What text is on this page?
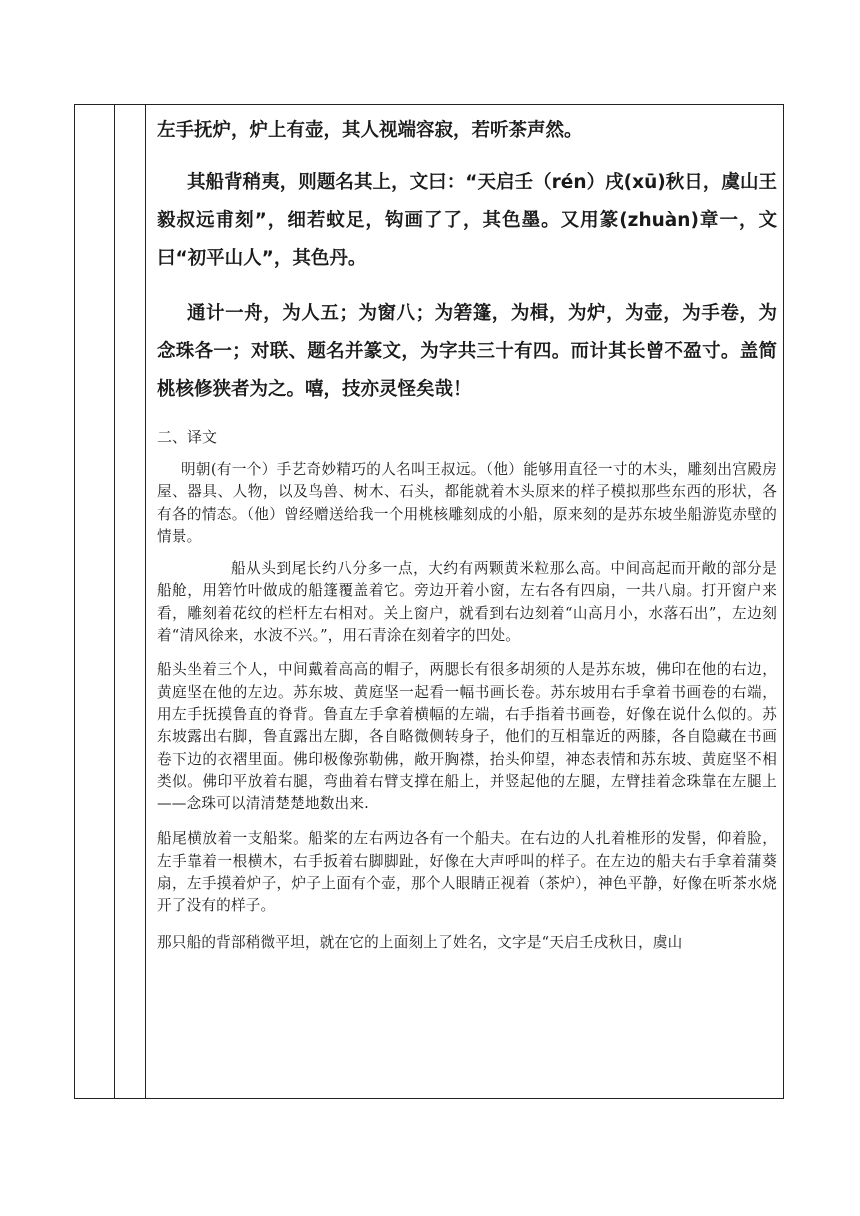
左手抚炉，炉上有壶，其人视端容寂，若听茶声然。

其船背稍夷，则题名其上，文曰：“天启壬（rén）戌(xū)秋日，虞山王毅叔远甫刻”，细若蚊足，钩画了了，其色墨。又用篆(zhuàn)章一，文曰“初平山人”，其色丹。

通计一舟，为人五；为窗八；为箬篷，为楫，为炉，为壶，为手卷，为念珠各一；对联、题名并篆文，为字共三十有四。而计其长曾不盈寸。盖简桃核修狭者为之。嘻，技亦灵怪矣哉！

二、译文

明朝(有一个）手艺奇妙精巧的人名叫王叔远。（他）能够用直径一寸的木头，雕刻出宫殿房屋、器具、人物，以及鸟兽、树木、石头，都能就着木头原来的样子模拟那些东西的形状，各有各的情态。（他）曾经赠送给我一个用桃核雕刻成的小船，原来刻的是苏东坡坐船游览赤壁的情景。

船从头到尾长约八分多一点，大约有两颗黄米粒那么高。中间高起而开敞的部分是船舱，用箬竹叶做成的船篷覆盖着它。旁边开着小窗，左右各有四扇，一共八扇。打开窗户来看，雕刻着花纹的栏杆左右相对。关上窗户，就看到右边刻着“山高月小，水落石出”，左边刻着“清风徐来，水波不兴。”，用石青涂在刻着字的凹处。

船头坐着三个人，中间戴着高高的帽子，两腮长有很多胡须的人是苏东坡，佛印在他的右边，黄庭坚在他的左边。苏东坡、黄庭坚一起看一幅书画长卷。苏东坡用右手拿着书画卷的右端，用左手抚摸鲁直的脊背。鲁直左手拿着横幅的左端，右手指着书画卷，好像在说什么似的。苏东坡露出右脚，鲁直露出左脚，各自略微侧转身子，他们的互相靠近的两膝，各自隐藏在书画卷下边的衣褶里面。佛印极像弥勒佛，敞开胸襟，抬头仰望，神态表情和苏东坡、黄庭坚不相类似。佛印平放着右腿，弯曲着右臂支撑在船上，并竖起他的左腿，左臂挂着念珠靠在左腿上——念珠可以清清楚楚地数出来.

船尾横放着一支船桨。船桨的左右两边各有一个船夫。在右边的人扎着椎形的发髻，仰着脸，左手靠着一根横木，右手扳着右脚脚趾，好像在大声呼叫的样子。在左边的船夫右手拿着蒲葵扇，左手摸着炉子，炉子上面有个壶，那个人眼睛正视着（茶炉），神色平静，好像在听茶水烧开了没有的样子。

那只船的背部稍微平坦，就在它的上面刻上了姓名，文字是“天启壬戌秋日，虞山
